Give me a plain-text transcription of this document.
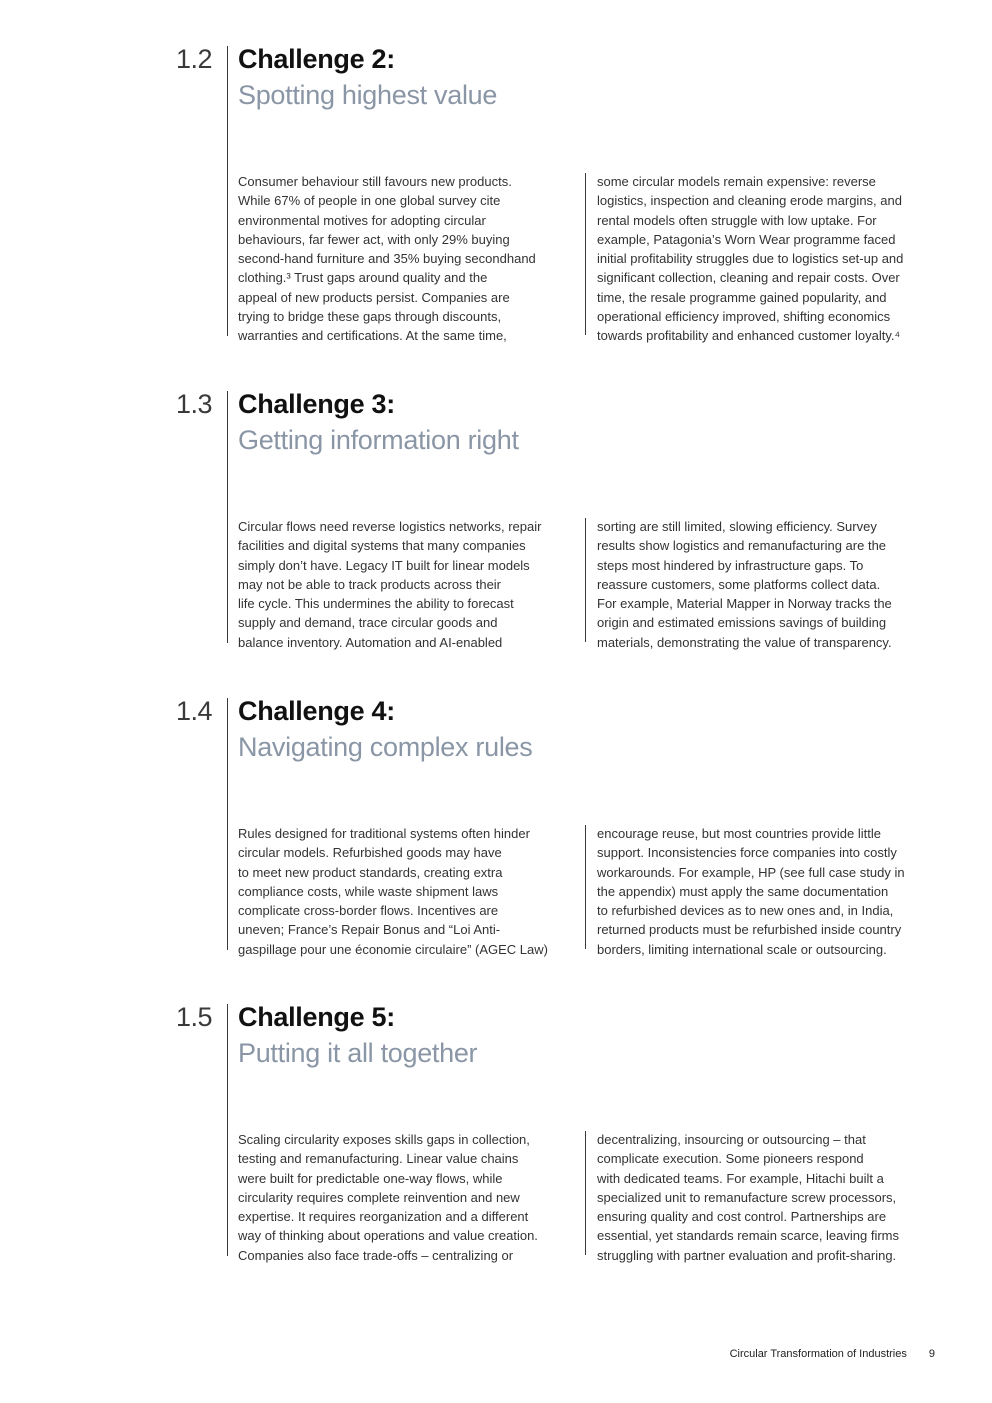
1.2 Challenge 2:
Spotting highest value
Consumer behaviour still favours new products.
While 67% of people in one global survey cite
environmental motives for adopting circular
behaviours, far fewer act, with only 29% buying
second-hand furniture and 35% buying secondhand
clothing.³ Trust gaps around quality and the
appeal of new products persist. Companies are
trying to bridge these gaps through discounts,
warranties and certifications. At the same time,
some circular models remain expensive: reverse
logistics, inspection and cleaning erode margins, and
rental models often struggle with low uptake. For
example, Patagonia’s Worn Wear programme faced
initial profitability struggles due to logistics set-up and
significant collection, cleaning and repair costs. Over
time, the resale programme gained popularity, and
operational efficiency improved, shifting economics
towards profitability and enhanced customer loyalty.⁴
1.3 Challenge 3:
Getting information right
Circular flows need reverse logistics networks, repair
facilities and digital systems that many companies
simply don’t have. Legacy IT built for linear models
may not be able to track products across their
life cycle. This undermines the ability to forecast
supply and demand, trace circular goods and
balance inventory. Automation and AI-enabled
sorting are still limited, slowing efficiency. Survey
results show logistics and remanufacturing are the
steps most hindered by infrastructure gaps. To
reassure customers, some platforms collect data.
For example, Material Mapper in Norway tracks the
origin and estimated emissions savings of building
materials, demonstrating the value of transparency.
1.4 Challenge 4:
Navigating complex rules
Rules designed for traditional systems often hinder
circular models. Refurbished goods may have
to meet new product standards, creating extra
compliance costs, while waste shipment laws
complicate cross-border flows. Incentives are
uneven; France’s Repair Bonus and “Loi Anti-
gaspillage pour une économie circulaire” (AGEC Law)
encourage reuse, but most countries provide little
support. Inconsistencies force companies into costly
workarounds. For example, HP (see full case study in
the appendix) must apply the same documentation
to refurbished devices as to new ones and, in India,
returned products must be refurbished inside country
borders, limiting international scale or outsourcing.
1.5 Challenge 5:
Putting it all together
Scaling circularity exposes skills gaps in collection,
testing and remanufacturing. Linear value chains
were built for predictable one-way flows, while
circularity requires complete reinvention and new
expertise. It requires reorganization and a different
way of thinking about operations and value creation.
Companies also face trade-offs – centralizing or
decentralizing, insourcing or outsourcing – that
complicate execution. Some pioneers respond
with dedicated teams. For example, Hitachi built a
specialized unit to remanufacture screw processors,
ensuring quality and cost control. Partnerships are
essential, yet standards remain scarce, leaving firms
struggling with partner evaluation and profit-sharing.
Circular Transformation of Industries 9
